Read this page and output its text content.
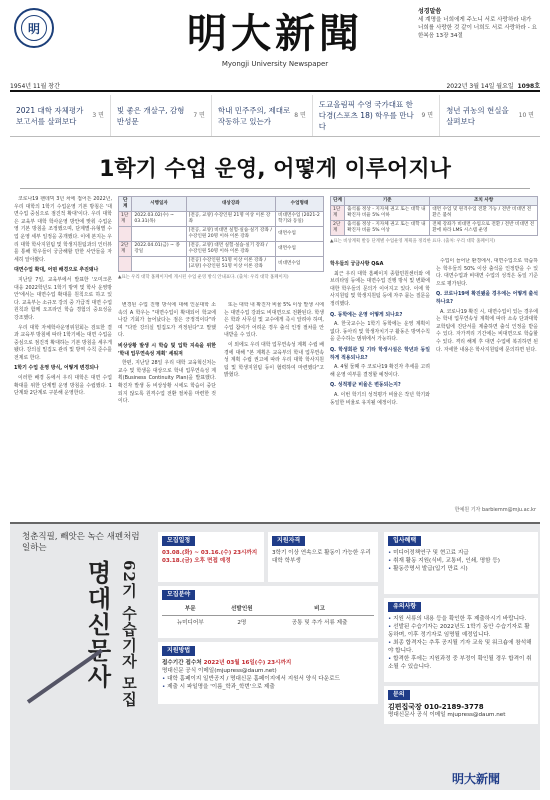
明	明大新聞
Myongji University Newspaper
성경말씀
세 계명을 너희에게 주노니 서로 사랑하라 내가 너희를 사랑한 것 같이 너희도 서로 사랑하라 - 요한복음 13장 34절
1954년 11월 창간	2022년 3월 14일 월요일 1098호
2021 대학 자체평가보고서를 살펴보다
3 면
빛 좋은 개살구, 감형반성문
7 면
학내 민주주의, 제대로 작동하고 있는가
8 면
도교올림픽 수영 국가대표 한다경(스포츠 18) 학우를 만나다
9 면
청년 귀농의 현실을 살펴보다
10 면
1학기 수업 운영, 어떻게 이루어지나

코로나19 팬데믹 3년 차에 접어든 2022년, 우리 대학의 1학기 수업운영 기본 방침은 '대면수업 중심으로 점진적 확대'이다. 우리 대학은 교육부 대학 학사운영 방안에 맞춰 수업운영 기본 방침을 조정했으며, 단계별·유형별 수업 운영 세부 일정을 공개했다. 이에 본지는 우리 대학 학사지원팀 및 학생지원팀과의 인터뷰를 통해 학우들이 궁금해할 만한 사안들을 자세히 알아봤다.

대면수업 확대, 어떤 배경으로 추진돼나

지난달 7일, 교육부에서 발표한 '오미크론 대응 2022학년도 1학기 방역 및 학사 운영방안'에서는 대면수업 확대를 원칙으로 하고 있다. 교육부는 소규모 강의 중 가급적 대면 수업 원칙과 함께 오프라인 학습 경험의 중요성을 강조했다.

우리 대학 자체학사운영위원회는 검토한 결과 교육부 방침에 따라 1학기에는 대면 수업을 중심으로 점진적 확대하는 기본 방침을 세우게 됐다. 강의실 밀집도 관리 및 방역 수칙 준수를 전제로 한다.

1학기 수업 운영 방식, 어떻게 변경되나

이러한 배경 등에서 우리 대학은 대면 수업 확대를 위한 단계별 운영 방침을 수립했다. 1단계와 2단계로 구분해 운영한다.

단계	시행일자	대상강좌	수업형태
1단계	2022.03.02(수) ~ 03.31(목)	[전공, 교양] 수강인원 21명 이상 이론 강좌	비대면수업 (2021-2학기와 동일)
		[전공, 교양] 비대면 실험·실습·실기 강좌 / 수강인원 20명 이하 이론 강좌	대면수업
2단계	2022.04.01(금) ~ 종강일	[전공, 교양] 대면 실험·실습·실기 강좌 / 수강인원 50명 이하 이론 강좌	대면수업
		[전공] 수강인원 51명 이상 이론 강좌 / [교양] 수강인원 51명 이상 이론 강좌	비대면수업
▲표는 우리 대학 홈페이지에 게시된 수업 운영 방식 안내표다. (출처: 우리 대학 홈페이지)

변경된 수업 진행 방식에 대해 인문대학 소속의 A 학우는 "대면수업이 확대되어 학교에 나갈 기회가 늘어났다는 점은 긍정적이다"라며 "다만 강의실 밀집도가 걱정된다"고 말했다.

비상상황 발생 시 학습 및 입학 지속을 위한 '학내 업무연속성 계획' 세워져

한편, 지난달 28일 우리 대학 교육혁신처는 교수 및 학생을 대상으로 학내 업무연속성 계획(Business Continuity Plan)을 발표했다. 확진자 발생 등 비상상황 시에도 학습이 중단되지 않도록 원격수업 전환 절차를 마련한 것이다.

또는 대학 내 확진자 비율 5% 이상 발생 시에는 대면수업 강좌도 비대면으로 전환된다. 학생은 학과 사무실 및 교수에게 즉시 알려야 하며, 수업 참여가 어려운 경우 출석 인정 절차를 안내받을 수 있다.

이 외에도 우리 대학 업무연속성 계획 수립 배경에 대해 "본 계획은 교육부의 학내 업무연속성 계획 수립 권고에 따라 우리 대학 학사지원팀 및 학생지원팀 등이 협력하여 마련했다"고 밝혔다.

단계	기준	조치 사항
1단계	출석률 정상 - 지자체 권고 또는 대학 내 확진자 비율 5% 이하	대면 수업 및 원격수업 전환 가능 / 전반 비대면 전환은 불허
2단계	출석률 정상 - 지자체 권고 또는 대학 내 확진자 비율 5% 이상	전체 강좌가 비대면 수업으로 전환 / 전반 비대면 전환에 따라 LMS 시스템 운영
▲표는 비상계획 발동 단계별 수업운영 계획을 정리한 표다. (출처: 우리 대학 홈페이지)

학우들의 궁금사항 Q&A

최근 우리 대학 홈페이지 종합민원센터와 에브리타임 등에는 대면수업 진행 방식 및 변화에 대한 학우들의 문의가 이어지고 있다. 이에 학사지원팀 및 학생지원팀 등에 자주 묻는 질문을 정리했다.

Q. 동학에는 운영 어떻게 되나요?

A. 한국교수는 1학기 동학에는 운영 계획이 없다. 동아리 및 학생자치기구 활동은 방역수칙을 준수하는 범위에서 가능하다.

Q. 학생회관 및 기타 학생시설은 학년과 동일하게 적용되나요?

A. 4월 둘째 주 코로나19 확진자 추세를 고려해 운영 여부를 결정할 예정이다.

Q. 성적평균 비율은 변동되는지?

A. 이번 학기의 성적평가 비율은 작년 학기와 동일한 비율로 유지될 예정이다.

수업이 늘어난 환경에서, 대면수업으로 학습하는 학우들의 50% 이상 출석을 인정받을 수 있다. 대면수업과 비대면 수업의 성적은 동일 기준으로 평가된다.

Q. 코로나19에 확진됐을 경우에는 어떻게 출석하나요?

A. 코로나19 확진 시, 대면수업이 있는 경우에는 학내 업무연속성 계획에 따라 소속 단과대학 교학팀에 진단서를 제출하면 출석 인정을 받을 수 있다. 자가격리 기간에는 비대면으로 학습할 수 있다. 격리 해제 후 대면 수업에 복귀하면 된다. 자세한 내용은 학사지원팀에 문의하면 된다.

한예원 기자 barbiemm@mju.ac.kr
청춘직필, 빼앗은 녹슨 새펜처럼
일하는
명대신문사 62기 수습기자 모집
모집일정
03.08.(화) ~ 03.16.(수) 23시까지
03.18.(금) 오후 면접 예정
지원자격
3학기 이상 연속으로 활동이 가능한 우리 대학 학부생
모집분야
부문	선발인원	비고
뉴미디어부	2명	공통 및 추가 서류 제출
지원방법
접수기간 접수처 2022년 03월 16일(수) 23시까지
명대신문 공식 이메일(mjupress@daum.net)
• 대학 홈페이지 일반공지 / 명대신문 홈페이지에서 지원서 양식 다운로드
• 제출 시 파일명을 '이름_학과_학번'으로 제출
입사혜택
• 미디어정책연구 및 현고료 지급
• 취재 활동 지원(식비, 교통비, 인쇄, 명함 등)
• 활동증명서 발급(입기 만료 시)
유의사항
• 지원 서류의 내용 등을 확인한 후 제출하시기 바랍니다.
• 선발된 수습기자는 2022년도 1학기 동안 수습기자로 활동하며, 이후 정기자로 임명될 예정입니다.
• 최종 합격자는 추후 공지될 기자 교육 및 워크숍에 참석해야 합니다.
• 합격한 후에는 지원과정 중 부정이 확인될 경우 합격이 취소될 수 있습니다.
문의
김편집국장 010-2189-3778
명대신문사 공식 이메일 mjupress@daum.net
明大新聞
